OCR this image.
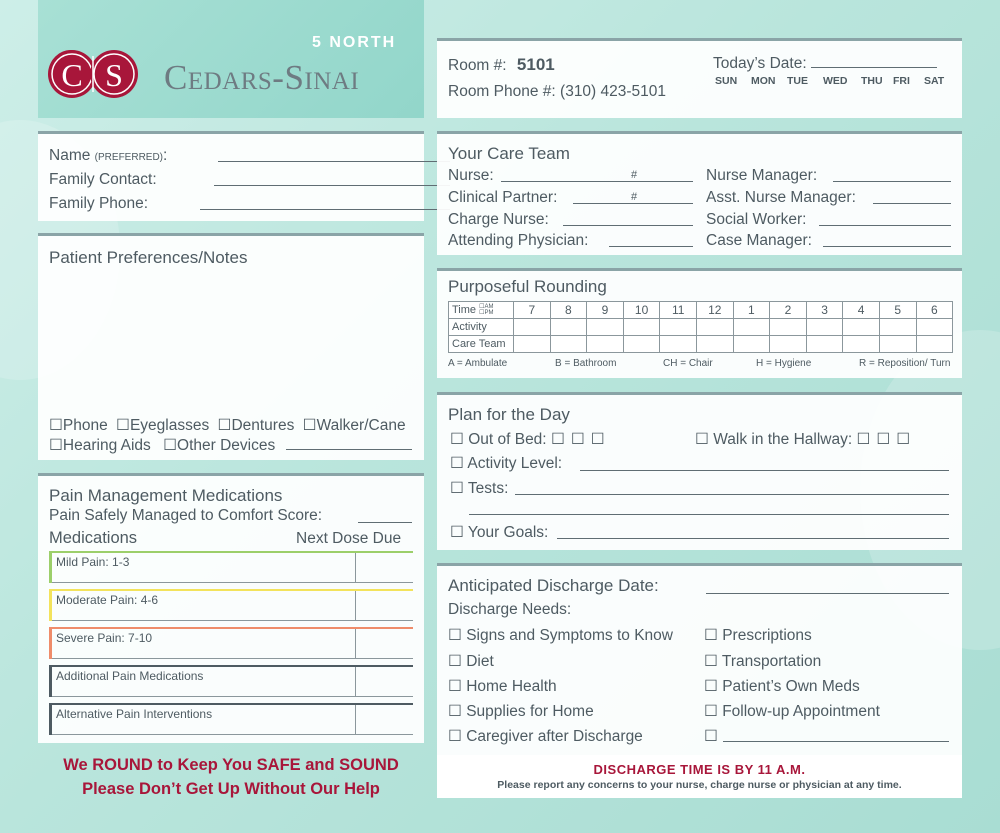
C S
5 NORTH
Cedars-Sinai	Room #: 5101
Room Phone #: (310) 423-5101
Today’s Date:
SUN MON TUE WED THU FRI SAT
Name (PREFERRED):
Family Contact:
Family Phone:
Patient Preferences/Notes
☐Phone ☐Eyeglasses ☐Dentures ☐Walker/Cane
☐Hearing Aids ☐Other Devices
Pain Management Medications
Pain Safely Managed to Comfort Score:
Medications	Next Dose Due
Mild Pain: 1-3
Moderate Pain: 4-6
Severe Pain: 7-10
Additional Pain Medications
Alternative Pain Interventions
We ROUND to Keep You SAFE and SOUND
Please Don’t Get Up Without Our Help
Your Care Team
Nurse:	#
Clinical Partner:	#
Charge Nurse:
Attending Physician:
Nurse Manager:
Asst. Nurse Manager:
Social Worker:
Case Manager:
Purposeful Rounding
Time ☐AM
☐PM	7	8	9	10	11	12	1	2	3	4	5	6
Activity												
Care Team												
A = Ambulate	B = Bathroom	CH = Chair	H = Hygiene	R = Reposition/ Turn
Plan for the Day
☐ Out of Bed: ☐☐☐	☐ Walk in the Hallway: ☐☐☐
☐ Activity Level:
☐ Tests:
☐ Your Goals:
Anticipated Discharge Date:
Discharge Needs:
☐ Signs and Symptoms to Know
☐ Diet
☐ Home Health
☐ Supplies for Home
☐ Caregiver after Discharge
☐ Prescriptions
☐ Transportation
☐ Patient’s Own Meds
☐ Follow-up Appointment
☐
DISCHARGE TIME IS BY 11 A.M.
Please report any concerns to your nurse, charge nurse or physician at any time.
